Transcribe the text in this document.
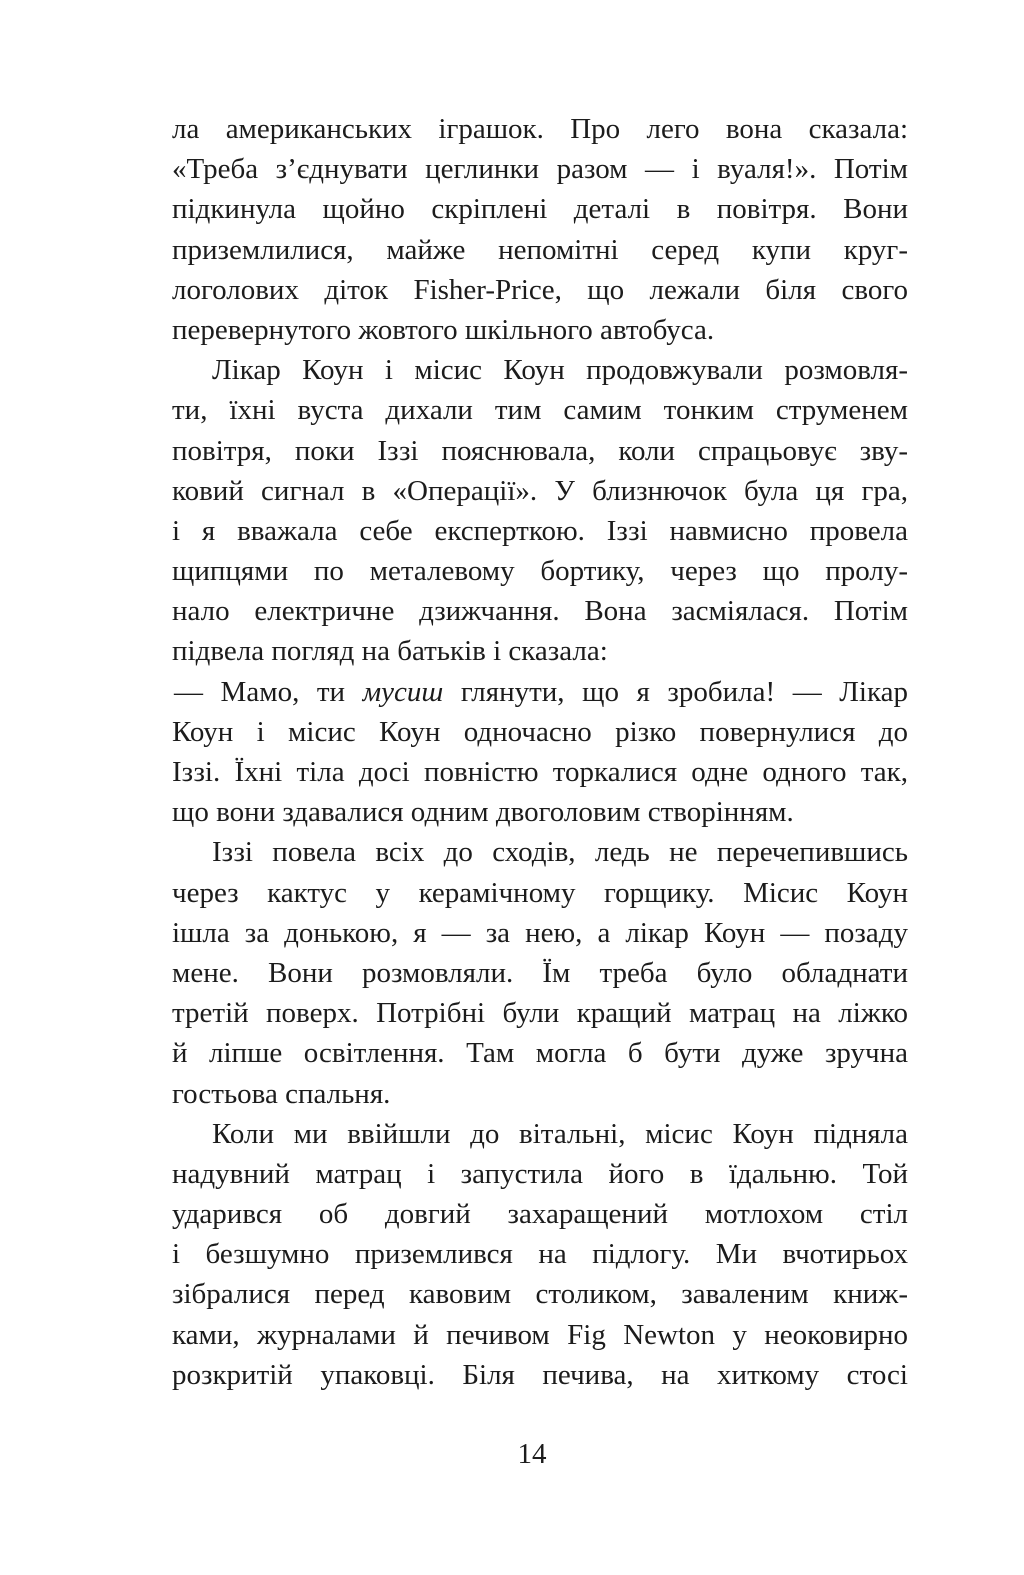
ла американських іграшок. Про лего вона сказала:
«Треба з’єднувати цеглинки разом — і вуаля!». Потім
підкинула щойно скріплені деталі в повітря. Вони
приземлилися, майже непомітні серед купи круг-
логолових діток Fisher-Price, що лежали біля свого
перевернутого жовтого шкільного автобуса.
Лікар Коун і місис Коун продовжували розмовля-
ти, їхні вуста дихали тим самим тонким струменем
повітря, поки Іззі пояснювала, коли спрацьовує зву-
ковий сигнал в «Операції». У близнючок була ця гра,
і я вважала себе експерткою. Іззі навмисно провела
щипцями по металевому бортику, через що пролу-
нало електричне дзижчання. Вона засміялася. Потім
підвела погляд на батьків і сказала:
— Мамо, ти мусиш глянути, що я зробила! — Лікар
Коун і місис Коун одночасно різко повернулися до
Іззі. Їхні тіла досі повністю торкалися одне одного так,
що вони здавалися одним двоголовим створінням.
Іззі повела всіх до сходів, ледь не перечепившись
через кактус у керамічному горщику. Місис Коун
ішла за донькою, я — за нею, а лікар Коун — позаду
мене. Вони розмовляли. Їм треба було обладнати
третій поверх. Потрібні були кращий матрац на ліжко
й ліпше освітлення. Там могла б бути дуже зручна
гостьова спальня.
Коли ми ввійшли до вітальні, місис Коун підняла
надувний матрац і запустила його в їдальню. Той
ударився об довгий захаращений мотлохом стіл
і безшумно приземлився на підлогу. Ми вчотирьох
зібралися перед кавовим столиком, заваленим книж-
ками, журналами й печивом Fig Newton у неоковирно
розкритій упаковці. Біля печива, на хиткому стосі
14
